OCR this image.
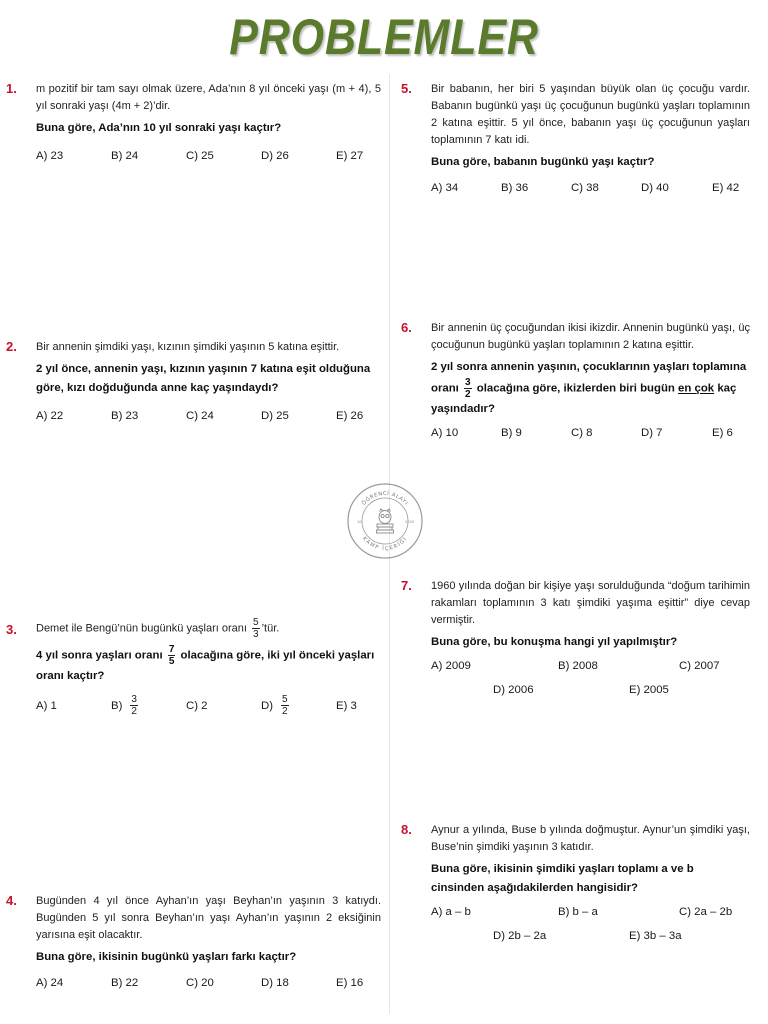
PROBLEMLER
1. m pozitif bir tam sayı olmak üzere, Ada’nın 8 yıl önceki yaşı (m + 4), 5 yıl sonraki yaşı (4m + 2)’dir.
Buna göre, Ada’nın 10 yıl sonraki yaşı kaçtır?
A) 23	B) 24	C) 25	D) 26	E) 27
2. Bir annenin şimdiki yaşı, kızının şimdiki yaşının 5 katına eşittir.
2 yıl önce, annenin yaşı, kızının yaşının 7 katına eşit olduğuna göre, kızı doğduğunda anne kaç yaşındaydı?
A) 22	B) 23	C) 24	D) 25	E) 26
3. Demet ile Bengü’nün bugünkü yaşları oranı $\frac{5}{3}$ ’tür.
4 yıl sonra yaşları oranı $\frac{7}{5}$ olacağına göre, iki yıl önceki yaşları oranı kaçtır?
A) 1	$B) \frac{3}{2}$	C) 2	$D) \frac{5}{2}$	E) 3
4. Bugünden 4 yıl önce Ayhan’ın yaşı Beyhan’ın yaşının 3 katıydı. Bugünden 5 yıl sonra Beyhan’ın yaşı Ayhan’ın yaşının 2 eksiğinin yarısına eşit olacaktır.
Buna göre, ikisinin bugünkü yaşları farkı kaçtır?
A) 24	B) 22	C) 20	D) 18	E) 16
5. Bir babanın, her biri 5 yaşından büyük olan üç çocuğu vardır. Babanın bugünkü yaşı üç çocuğunun bugünkü yaşları toplamının 2 katına eşittir. 5 yıl önce, babanın yaşı üç çocuğunun yaşları toplamının 7 katı idi.
Buna göre, babanın bugünkü yaşı kaçtır?
A) 34	B) 36	C) 38	D) 40	E) 42
6. Bir annenin üç çocuğundan ikisi ikizdir. Annenin bugünkü yaşı, üç çocuğunun bugünkü yaşları toplamının 2 katına eşittir.
2 yıl sonra annenin yaşının, çocuklarının yaşları toplamına oranı $\frac{3}{2}$ olacağına göre, ikizlerden biri bugün en çok kaç yaşındadır?
A) 10	B) 9	C) 8	D) 7	E) 6
7. 1960 yılında doğan bir kişiye yaşı sorulduğunda “doğum tarihimin rakamları toplamının 3 katı şimdiki yaşıma eşittir” diye cevap vermiştir.
Buna göre, bu konuşma hangi yıl yapılmıştır?
A) 2009	B) 2008	C) 2007
D) 2006	E) 2005
8. Aynur a yılında, Buse b yılında doğmuştur. Aynur’un şimdiki yaşı, Buse’nin şimdiki yaşının 3 katıdır.
Buna göre, ikisinin şimdiki yaşları toplamı a ve b cinsinden aşağıdakilerden hangisidir?
A) a – b	B) b – a	C) 2a – 2b
D) 2b – 2a	E) 3b – 3a
ÖĞRENCİ ALAYI
KAMP İÇERİĞİ
10	2020
